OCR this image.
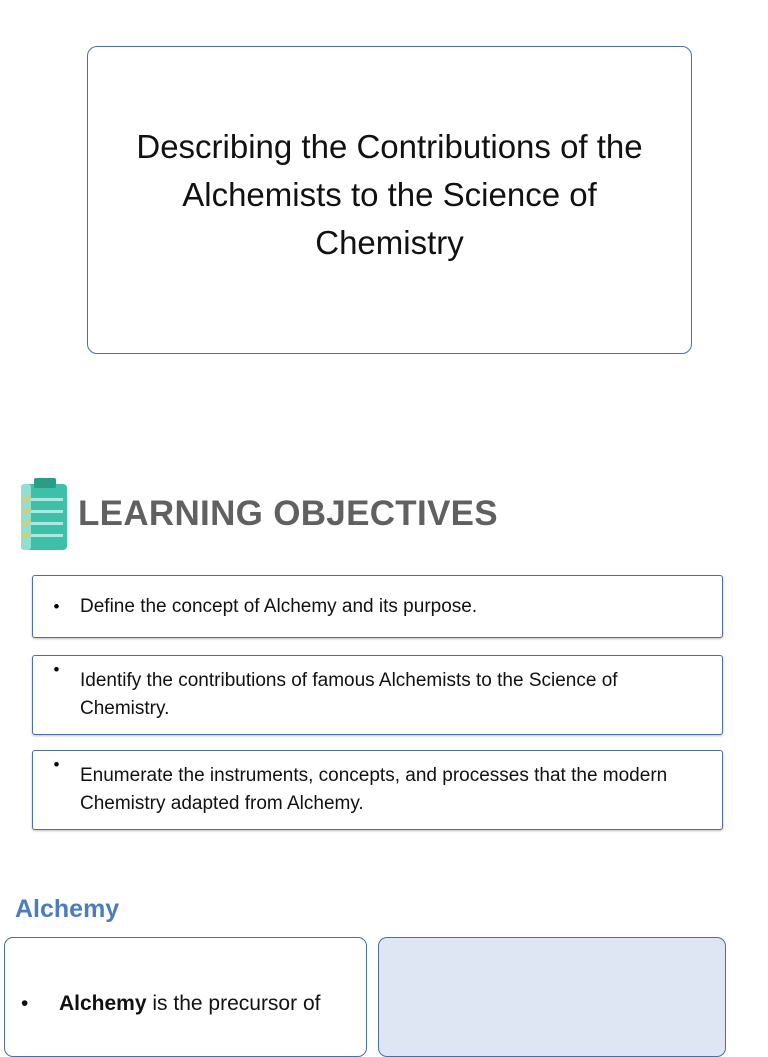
Describing the Contributions of the
Alchemists to the Science of
Chemistry
LEARNING OBJECTIVES
•	Define the concept of Alchemy and its purpose.
•
Identify the contributions of famous Alchemists to the Science of
Chemistry.
•
Enumerate the instruments, concepts, and processes that the modern
Chemistry adapted from Alchemy.
Alchemy
•	Alchemy is the precursor of
